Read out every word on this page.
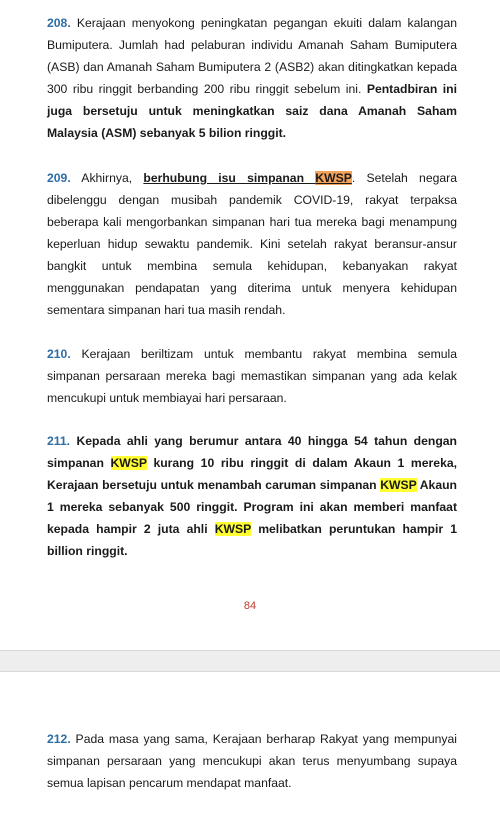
208. Kerajaan menyokong peningkatan pegangan ekuiti dalam kalangan Bumiputera. Jumlah had pelaburan individu Amanah Saham Bumiputera (ASB) dan Amanah Saham Bumiputera 2 (ASB2) akan ditingkatkan kepada 300 ribu ringgit berbanding 200 ribu ringgit sebelum ini. Pentadbiran ini juga bersetuju untuk meningkatkan saiz dana Amanah Saham Malaysia (ASM) sebanyak 5 bilion ringgit.

209. Akhirnya, berhubung isu simpanan KWSP. Setelah negara dibelenggu dengan musibah pandemik COVID-19, rakyat terpaksa beberapa kali mengorbankan simpanan hari tua mereka bagi menampung keperluan hidup sewaktu pandemik. Kini setelah rakyat beransur-ansur bangkit untuk membina semula kehidupan, kebanyakan rakyat menggunakan pendapatan yang diterima untuk menyera kehidupan sementara simpanan hari tua masih rendah.

210. Kerajaan beriltizam untuk membantu rakyat membina semula simpanan persaraan mereka bagi memastikan simpanan yang ada kelak mencukupi untuk membiayai hari persaraan.

211. Kepada ahli yang berumur antara 40 hingga 54 tahun dengan simpanan KWSP kurang 10 ribu ringgit di dalam Akaun 1 mereka, Kerajaan bersetuju untuk menambah caruman simpanan KWSP Akaun 1 mereka sebanyak 500 ringgit. Program ini akan memberi manfaat kepada hampir 2 juta ahli KWSP melibatkan peruntukan hampir 1 billion ringgit.

84

212. Pada masa yang sama, Kerajaan berharap Rakyat yang mempunyai simpanan persaraan yang mencukupi akan terus menyumbang supaya semua lapisan pencarum mendapat manfaat.
